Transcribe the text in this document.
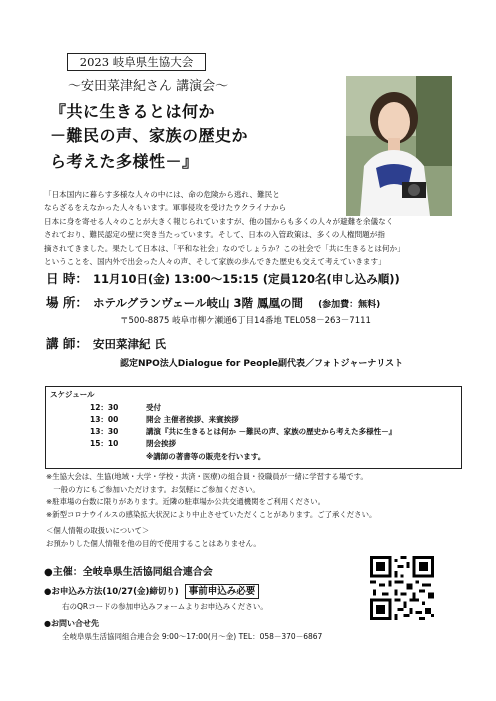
2023 岐阜県生協大会
～安田菜津紀さん 講演会～
『共に生きるとは何か
－難民の声、家族の歴史か
ら考えた多様性－』

「日本国内に暮らす多様な人々の中には、命の危険から逃れ、難民と

ならざるをえなかった人々もいます。軍事侵攻を受けたウクライナから

日本に身を寄せる人々のことが大きく報じられていますが、他の国からも多くの人々が避難を余儀なく

されており、難民認定の壁に突き当たっています。そして、日本の入管政策は、多くの人権問題が指

摘されてきました。果たして日本は、「平和な社会」なのでしょうか？この社会で「共に生きるとは何か」

ということを、国内外で出会った人々の声、そして家族の歩んできた歴史も交えて考えていきます」

日 時： 11月10日(金) 13:00～15:15 (定員120名(申し込み順))
場 所： ホテルグランヴェール岐山 3階 鳳凰の間 (参加費：無料)
〒500-8875 岐阜市柳ケ瀬通6丁目14番地 TEL058－263－7111
講 師： 安田菜津紀 氏
認定NPO法人Dialogue for People副代表／フォトジャーナリスト
スケジュール
12：30	受付
13：00	開会 主催者挨拶、来賓挨拶
13：30	講演『共に生きるとは何か －難民の声、家族の歴史から考えた多様性－』
15：10	閉会挨拶
※講師の著書等の販売を行います。

※生協大会は、生協(地域・大学・学校・共済・医療)の組合員・役職員が一緒に学習する場です。

　一般の方にもご参加いただけます。お気軽にご参加ください。

※駐車場の台数に限りがあります。近隣の駐車場か公共交通機関をご利用ください。

※新型コロナウイルスの感染拡大状況により中止させていただくことがあります。ご了承ください。

＜個人情報の取扱いについて＞

お預かりした個人情報を他の目的で使用することはありません。

●主催：全岐阜県生活協同組合連合会
●お申込み方法(10/27(金)締切り) 事前申込み必要
右のQRコードの参加申込みフォームよりお申込みください。
●お問い合せ先
全岐阜県生活協同組合連合会 9:00～17:00(月～金) TEL：058－370－6867
